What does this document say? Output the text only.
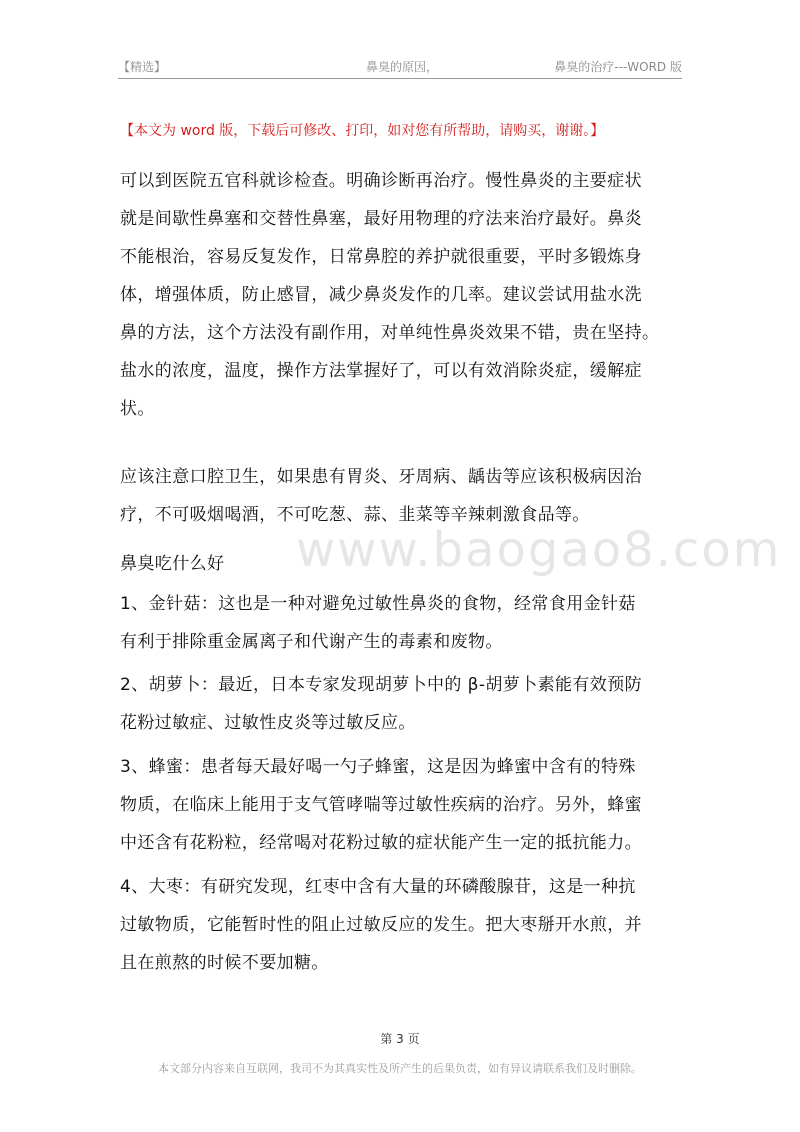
【精选】	鼻臭的原因，	鼻臭的治疗---WORD 版
【本文为 word 版，下载后可修改、打印，如对您有所帮助，请购买，谢谢。】
www.baogao8.com
可以到医院五官科就诊检查。明确诊断再治疗。慢性鼻炎的主要症状
就是间歇性鼻塞和交替性鼻塞，最好用物理的疗法来治疗最好。鼻炎
不能根治，容易反复发作，日常鼻腔的养护就很重要，平时多锻炼身
体，增强体质，防止感冒，减少鼻炎发作的几率。建议尝试用盐水洗
鼻的方法，这个方法没有副作用，对单纯性鼻炎效果不错，贵在坚持。
盐水的浓度，温度，操作方法掌握好了，可以有效消除炎症，缓解症
状。
应该注意口腔卫生，如果患有胃炎、牙周病、龋齿等应该积极病因治
疗，不可吸烟喝酒，不可吃葱、蒜、韭菜等辛辣刺激食品等。
鼻臭吃什么好
1、金针菇：这也是一种对避免过敏性鼻炎的食物，经常食用金针菇
有利于排除重金属离子和代谢产生的毒素和废物。
2、胡萝卜：最近，日本专家发现胡萝卜中的 β-胡萝卜素能有效预防
花粉过敏症、过敏性皮炎等过敏反应。
3、蜂蜜：患者每天最好喝一勺子蜂蜜，这是因为蜂蜜中含有的特殊
物质，在临床上能用于支气管哮喘等过敏性疾病的治疗。另外，蜂蜜
中还含有花粉粒，经常喝对花粉过敏的症状能产生一定的抵抗能力。
4、大枣：有研究发现，红枣中含有大量的环磷酸腺苷，这是一种抗
过敏物质，它能暂时性的阻止过敏反应的发生。把大枣掰开水煎，并
且在煎熬的时候不要加糖。
第 3 页
本文部分内容来自互联网，我司不为其真实性及所产生的后果负责，如有异议请联系我们及时删除。
